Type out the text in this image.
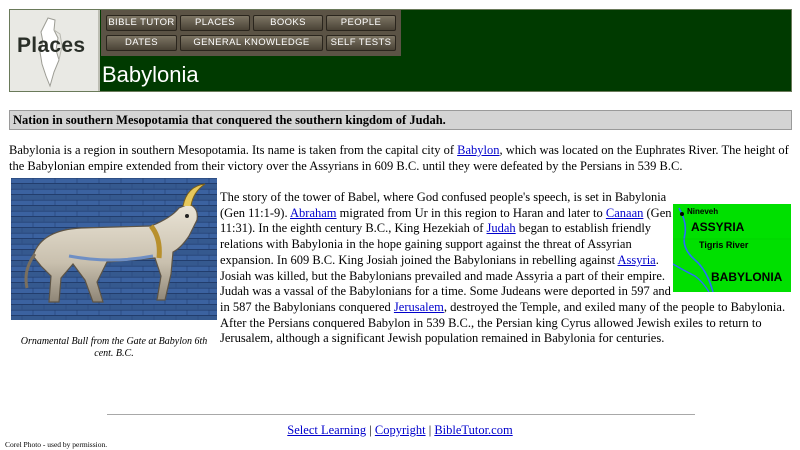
Places
BIBLE TUTOR	PLACES	BOOKS	PEOPLE
DATES	GENERAL KNOWLEDGE	SELF TESTS
Babylonia
Nation in southern Mesopotamia that conquered the southern kingdom of Judah.

Babylonia is a region in southern Mesopotamia. Its name is taken from the capital city of Babylon, which was located on the Euphrates River. The height of the Babylonian empire extended from their victory over the Assyrians in 609 B.C. until they were defeated by the Persians in 539 B.C.

Ornamental Bull from the Gate at Babylon 6th cent. B.C.

Nineveh
ASSYRIA
Tigris River
BABYLONIA

The story of the tower of Babel, where God confused people's speech, is set in Babylonia (Gen 11:1-9). Abraham migrated from Ur in this region to Haran and later to Canaan (Gen 11:31). In the eighth century B.C., King Hezekiah of Judah began to establish friendly relations with Babylonia in the hope gaining support against the threat of Assyrian expansion. In 609 B.C. King Josiah joined the Babylonians in rebelling against Assyria. Josiah was killed, but the Babylonians prevailed and made Assyria a part of their empire. Judah was a vassal of the Babylonians for a time. Some Judeans were deported in 597 and in 587 the Babylonians conquered Jerusalem, destroyed the Temple, and exiled many of the people to Babylonia. After the Persians conquered Babylon in 539 B.C., the Persian king Cyrus allowed Jewish exiles to return to Jerusalem, although a significant Jewish population remained in Babylonia for centuries.

Select Learning | Copyright | BibleTutor.com

Corel Photo - used by permission.
